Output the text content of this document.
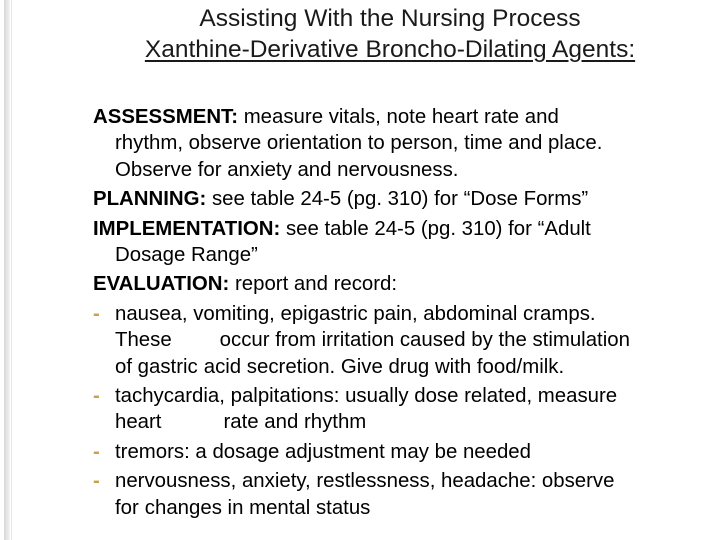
Assisting With the Nursing Process
Xanthine-Derivative Broncho-Dilating Agents:
ASSESSMENT: measure vitals, note heart rate and
rhythm, observe orientation to person, time and place.
Observe for anxiety and nervousness.
PLANNING: see table 24-5 (pg. 310) for “Dose Forms”
IMPLEMENTATION: see table 24-5 (pg. 310) for “Adult
Dosage Range”
EVALUATION: report and record:
- nausea, vomiting, epigastric pain, abdominal cramps.
These occur from irritation caused by the stimulation
of gastric acid secretion. Give drug with food/milk.
- tachycardia, palpitations: usually dose related, measure
heart	rate and rhythm
- tremors: a dosage adjustment may be needed
- nervousness, anxiety, restlessness, headache: observe
for changes in mental status
